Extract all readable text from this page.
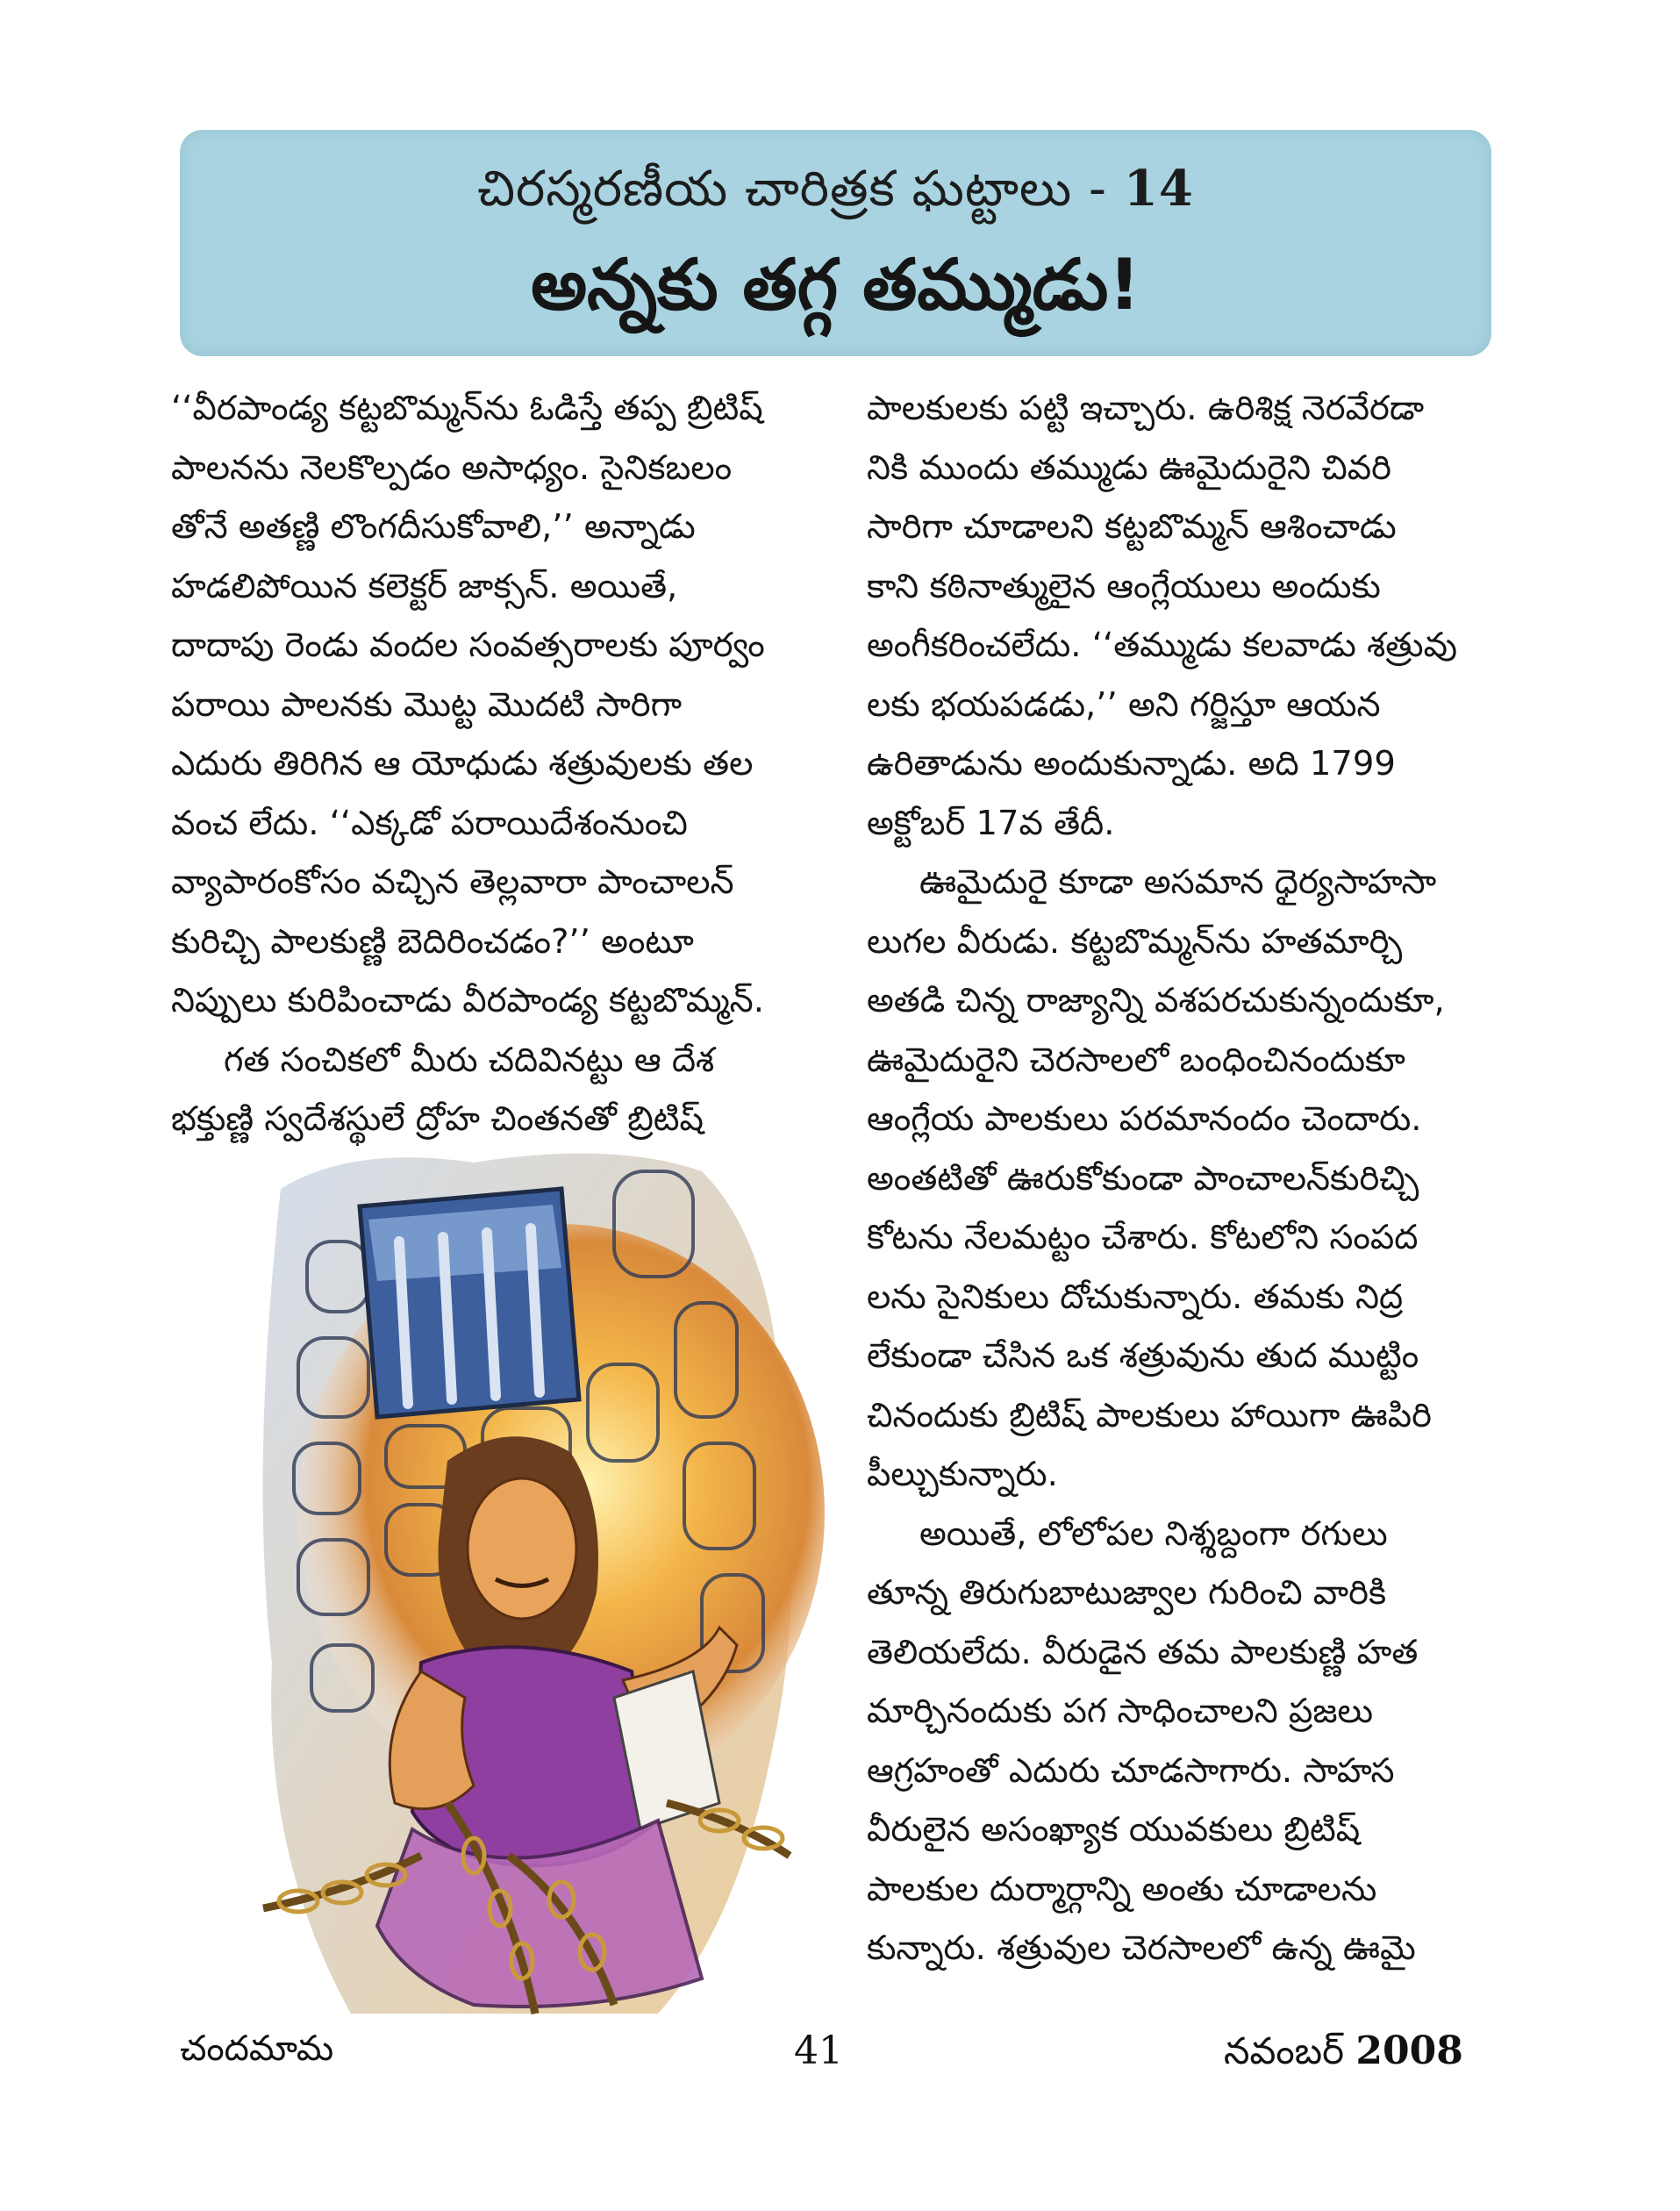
చిరస్మరణీయ చారిత్రక ఘట్టాలు - 14
అన్నకు తగ్గ తమ్ముడు!

‘‘వీరపాండ్య కట్టబొమ్మన్‌ను ఓడిస్తే తప్ప బ్రిటిష్

పాలనను నెలకొల్పడం అసాధ్యం. సైనికబలం

తోనే అతణ్ణి లొంగదీసుకోవాలి,’’ అన్నాడు

హడలిపోయిన కలెక్టర్ జాక్సన్. అయితే,

దాదాపు రెండు వందల సంవత్సరాలకు పూర్వం

పరాయి పాలనకు మొట్ట మొదటి సారిగా

ఎదురు తిరిగిన ఆ యోధుడు శత్రువులకు తల

వంచ లేదు. ‘‘ఎక్కడో పరాయిదేశంనుంచి

వ్యాపారంకోసం వచ్చిన తెల్లవారా పాంచాలన్

కురిచ్చి పాలకుణ్ణి బెదిరించడం?’’ అంటూ

నిప్పులు కురిపించాడు వీరపాండ్య కట్టబొమ్మన్.

గత సంచికలో మీరు చదివినట్టు ఆ దేశ

భక్తుణ్ణి స్వదేశస్థులే ద్రోహ చింతనతో బ్రిటిష్

పాలకులకు పట్టి ఇచ్చారు. ఉరిశిక్ష నెరవేరడా

నికి ముందు తమ్ముడు ఊమైదురైని చివరి

సారిగా చూడాలని కట్టబొమ్మన్ ఆశించాడు

కాని కఠినాత్ములైన ఆంగ్లేయులు అందుకు

అంగీకరించలేదు. ‘‘తమ్ముడు కలవాడు శత్రువు

లకు భయపడడు,’’ అని గర్జిస్తూ ఆయన

ఉరితాడును అందుకున్నాడు. అది 1799

అక్టోబర్ 17వ తేదీ.

ఊమైదురై కూడా అసమాన ధైర్యసాహసా

లుగల వీరుడు. కట్టబొమ్మన్‌ను హతమార్చి

అతడి చిన్న రాజ్యాన్ని వశపరచుకున్నందుకూ,

ఊమైదురైని చెరసాలలో బంధించినందుకూ

ఆంగ్లేయ పాలకులు పరమానందం చెందారు.

అంతటితో ఊరుకోకుండా పాంచాలన్‌కురిచ్చి

కోటను నేలమట్టం చేశారు. కోటలోని సంపద

లను సైనికులు దోచుకున్నారు. తమకు నిద్ర

లేకుండా చేసిన ఒక శత్రువును తుద ముట్టిం

చినందుకు బ్రిటిష్ పాలకులు హాయిగా ఊపిరి

పీల్చుకున్నారు.

అయితే, లోలోపల నిశ్శబ్దంగా రగులు

తూన్న తిరుగుబాటుజ్వాల గురించి వారికి

తెలియలేదు. వీరుడైన తమ పాలకుణ్ణి హత

మార్చినందుకు పగ సాధించాలని ప్రజలు

ఆగ్రహంతో ఎదురు చూడసాగారు. సాహస

వీరులైన అసంఖ్యాక యువకులు బ్రిటిష్

పాలకుల దుర్మార్గాన్ని అంతు చూడాలను

కున్నారు. శత్రువుల చెరసాలలో ఉన్న ఊమై

చందమామ	41	నవంబర్ 2008
